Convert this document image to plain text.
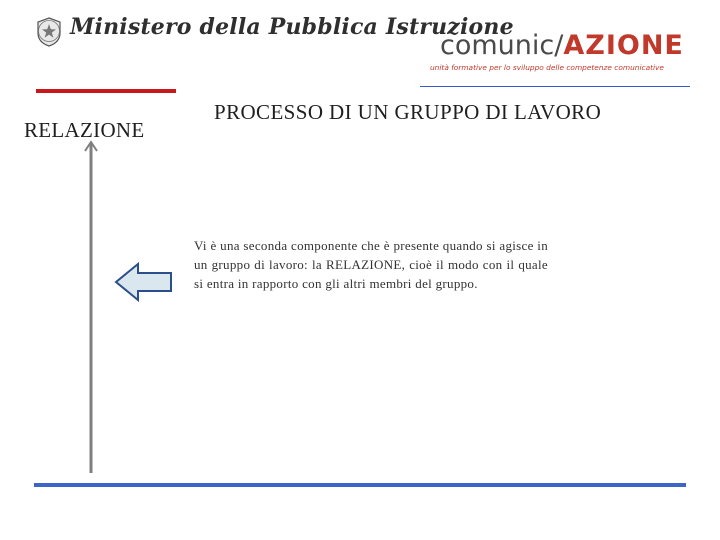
Ministero della Pubblica Istruzione
comunic/AZIONE
unità formative per lo sviluppo delle competenze comunicative
RELAZIONE
PROCESSO DI UN GRUPPO DI LAVORO
Vi è una seconda componente che è presente quando si agisce in un gruppo di lavoro: la RELAZIONE, cioè il modo con il quale si entra in rapporto con gli altri membri del gruppo.
